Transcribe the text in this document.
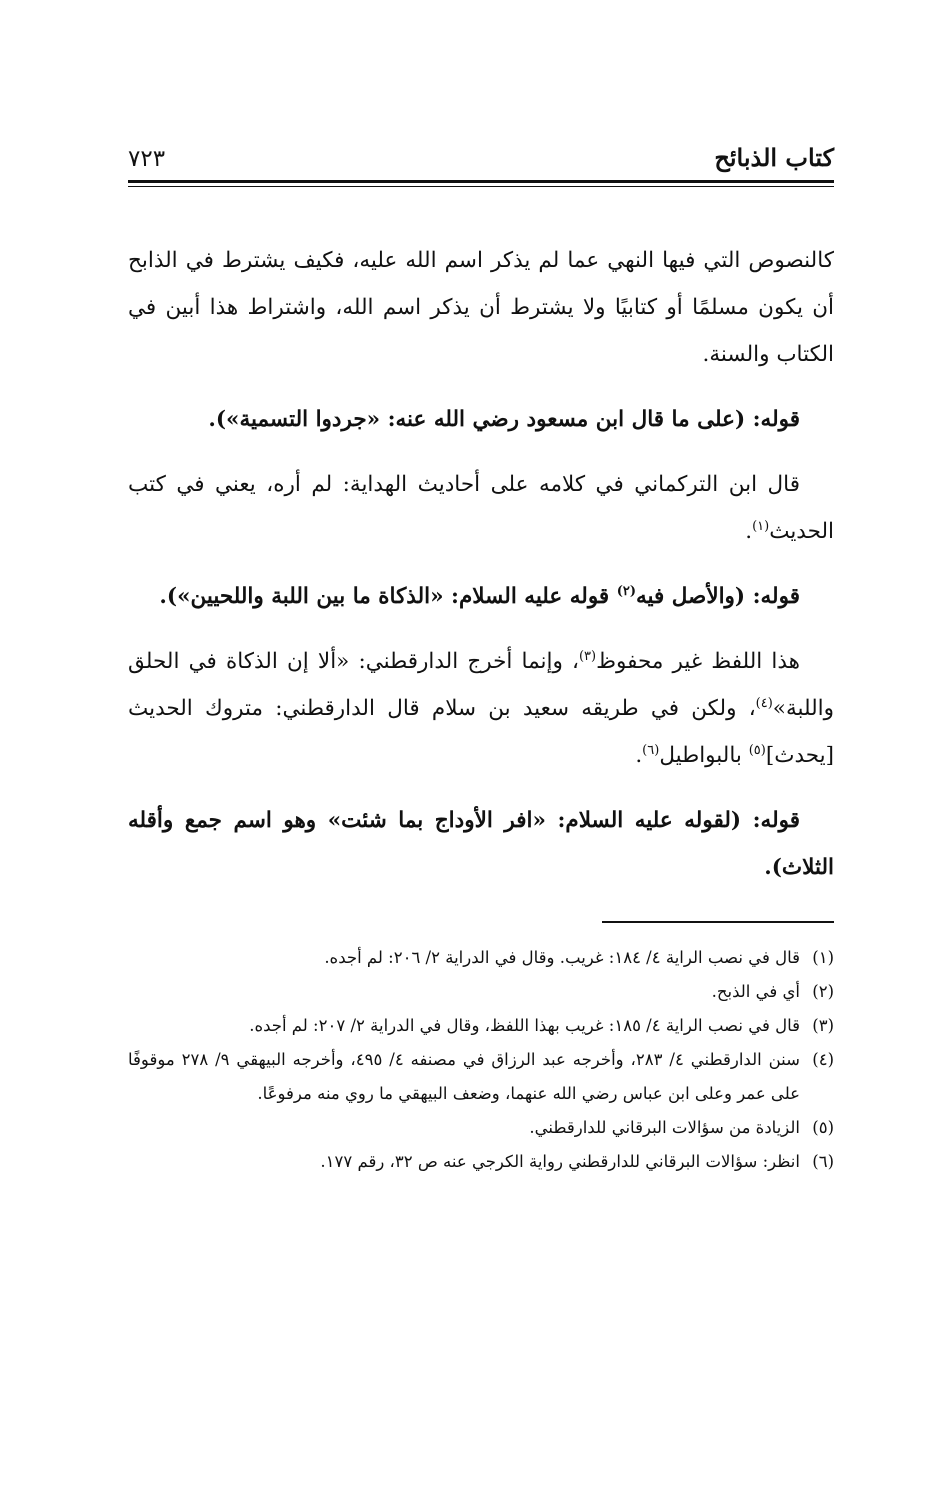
كتاب الذبائح
٧٢٣

كالنصوص التي فيها النهي عما لم يذكر اسم الله عليه، فكيف يشترط في الذابح أن يكون مسلمًا أو كتابيًا ولا يشترط أن يذكر اسم الله، واشتراط هذا أبين في الكتاب والسنة.

قوله: (على ما قال ابن مسعود رضي الله عنه: «جردوا التسمية»).

قال ابن التركماني في كلامه على أحاديث الهداية: لم أره، يعني في كتب الحديث$^{(١)}$.

قوله: (والأصل فيه$^{(٢)}$ قوله عليه السلام: «الذكاة ما بين اللبة واللحيين»).

هذا اللفظ غير محفوظ$^{(٣)}$، وإنما أخرج الدارقطني: «ألا إن الذكاة في الحلق واللبة»$^{(٤)}$، ولكن في طريقه سعيد بن سلام قال الدارقطني: متروك الحديث [يحدث]$^{(٥)}$ بالبواطيل$^{(٦)}$.

قوله: (لقوله عليه السلام: «افر الأوداج بما شئت» وهو اسم جمع وأقله الثلاث).

(١)
قال في نصب الراية ٤/ ١٨٤: غريب. وقال في الدراية ٢/ ٢٠٦: لم أجده.
(٢)
أي في الذبح.
(٣)
قال في نصب الراية ٤/ ١٨٥: غريب بهذا اللفظ، وقال في الدراية ٢/ ٢٠٧: لم أجده.
(٤)
سنن الدارقطني ٤/ ٢٨٣، وأخرجه عبد الرزاق في مصنفه ٤/ ٤٩٥، وأخرجه البيهقي ٩/ ٢٧٨ موقوفًا على عمر وعلى ابن عباس رضي الله عنهما، وضعف البيهقي ما روي منه مرفوعًا.
(٥)
الزيادة من سؤالات البرقاني للدارقطني.
(٦)
انظر: سؤالات البرقاني للدارقطني رواية الكرجي عنه ص ٣٢، رقم ١٧٧.
